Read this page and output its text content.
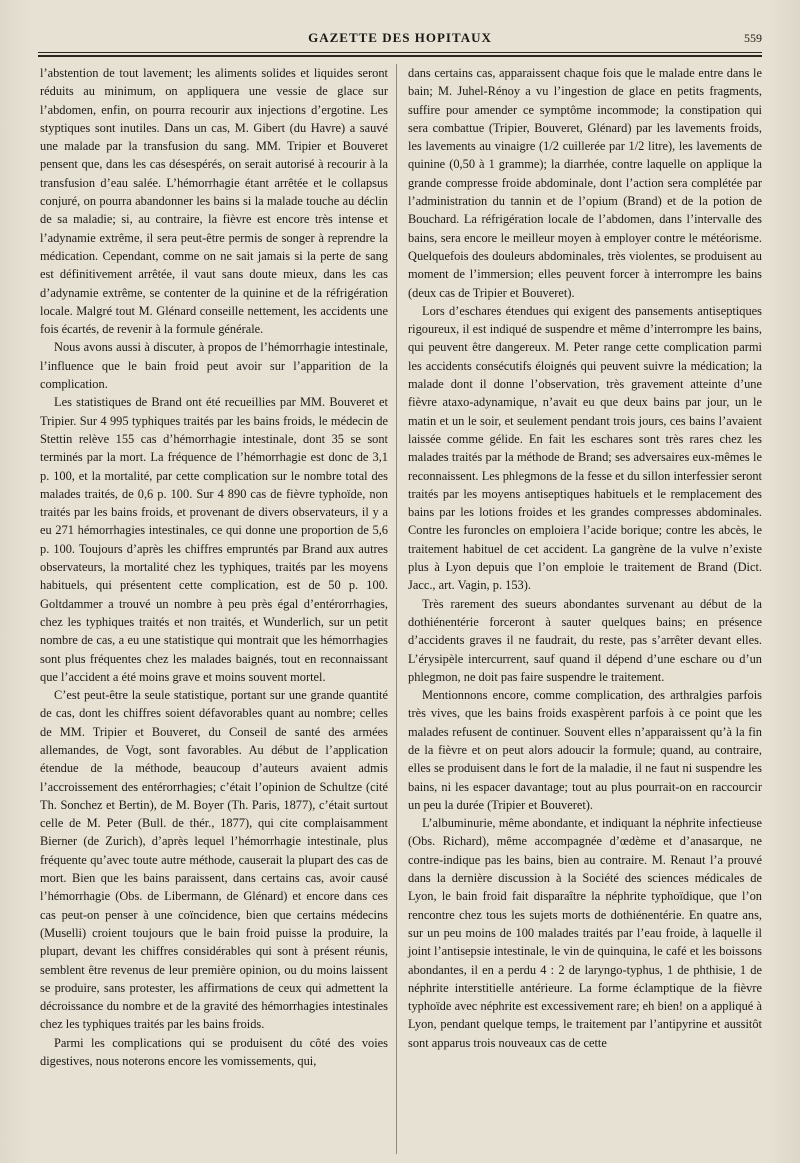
GAZETTE DES HOPITAUX	559

l’abstention de tout lavement; les aliments solides et liquides seront réduits au minimum, on appliquera une vessie de glace sur l’abdomen, enfin, on pourra recourir aux injections d’ergotine. Les styptiques sont inutiles. Dans un cas, M. Gibert (du Havre) a sauvé une malade par la transfusion du sang. MM. Tripier et Bouveret pensent que, dans les cas désespérés, on serait autorisé à recourir à la transfusion d’eau salée. L’hémorrhagie étant arrêtée et le collapsus conjuré, on pourra abandonner les bains si la malade touche au déclin de sa maladie; si, au contraire, la fièvre est encore très intense et l’adynamie extrême, il sera peut-être permis de songer à reprendre la médication. Cependant, comme on ne sait jamais si la perte de sang est définitivement arrêtée, il vaut sans doute mieux, dans les cas d’adynamie extrême, se contenter de la quinine et de la réfrigération locale. Malgré tout M. Glénard conseille nettement, les accidents une fois écartés, de revenir à la formule générale.

Nous avons aussi à discuter, à propos de l’hémorrhagie intestinale, l’influence que le bain froid peut avoir sur l’apparition de la complication.

Les statistiques de Brand ont été recueillies par MM. Bouveret et Tripier. Sur 4 995 typhiques traités par les bains froids, le médecin de Stettin relève 155 cas d’hémorrhagie intestinale, dont 35 se sont terminés par la mort. La fréquence de l’hémorrhagie est donc de 3,1 p. 100, et la mortalité, par cette complication sur le nombre total des malades traités, de 0,6 p. 100. Sur 4 890 cas de fièvre typhoïde, non traités par les bains froids, et provenant de divers observateurs, il y a eu 271 hémorrhagies intestinales, ce qui donne une proportion de 5,6 p. 100. Toujours d’après les chiffres empruntés par Brand aux autres observateurs, la mortalité chez les typhiques, traités par les moyens habituels, qui présentent cette complication, est de 50 p. 100. Goltdammer a trouvé un nombre à peu près égal d’entérorrhagies, chez les typhiques traités et non traités, et Wunderlich, sur un petit nombre de cas, a eu une statistique qui montrait que les hémorrhagies sont plus fréquentes chez les malades baignés, tout en reconnaissant que l’accident a été moins grave et moins souvent mortel.

C’est peut-être la seule statistique, portant sur une grande quantité de cas, dont les chiffres soient défavorables quant au nombre; celles de MM. Tripier et Bouveret, du Conseil de santé des armées allemandes, de Vogt, sont favorables. Au début de l’application étendue de la méthode, beaucoup d’auteurs avaient admis l’accroissement des entérorrhagies; c’était l’opinion de Schultze (cité Th. Sonchez et Bertin), de M. Boyer (Th. Paris, 1877), c’était surtout celle de M. Peter (Bull. de thér., 1877), qui cite complaisamment Bierner (de Zurich), d’après lequel l’hémorrhagie intestinale, plus fréquente qu’avec toute autre méthode, causerait la plupart des cas de mort. Bien que les bains paraissent, dans certains cas, avoir causé l’hémorrhagie (Obs. de Libermann, de Glénard) et encore dans ces cas peut-on penser à une coïncidence, bien que certains médecins (Muselli) croient toujours que le bain froid puisse la produire, la plupart, devant les chiffres considérables qui sont à présent réunis, semblent être revenus de leur première opinion, ou du moins laissent se produire, sans protester, les affirmations de ceux qui admettent la décroissance du nombre et de la gravité des hémorrhagies intestinales chez les typhiques traités par les bains froids.

Parmi les complications qui se produisent du côté des voies digestives, nous noterons encore les vomissements, qui,

dans certains cas, apparaissent chaque fois que le malade entre dans le bain; M. Juhel-Rénoy a vu l’ingestion de glace en petits fragments, suffire pour amender ce symptôme incommode; la constipation qui sera combattue (Tripier, Bouveret, Glénard) par les lavements froids, les lavements au vinaigre (1/2 cuillerée par 1/2 litre), les lavements de quinine (0,50 à 1 gramme); la diarrhée, contre laquelle on applique la grande compresse froide abdominale, dont l’action sera complétée par l’administration du tannin et de l’opium (Brand) et de la potion de Bouchard. La réfrigération locale de l’abdomen, dans l’intervalle des bains, sera encore le meilleur moyen à employer contre le météorisme. Quelquefois des douleurs abdominales, très violentes, se produisent au moment de l’immersion; elles peuvent forcer à interrompre les bains (deux cas de Tripier et Bouveret).

Lors d’eschares étendues qui exigent des pansements antiseptiques rigoureux, il est indiqué de suspendre et même d’interrompre les bains, qui peuvent être dangereux. M. Peter range cette complication parmi les accidents consécutifs éloignés qui peuvent suivre la médication; la malade dont il donne l’observation, très gravement atteinte d’une fièvre ataxo-adynamique, n’avait eu que deux bains par jour, un le matin et un le soir, et seulement pendant trois jours, ces bains l’avaient laissée comme gélide. En fait les eschares sont très rares chez les malades traités par la méthode de Brand; ses adversaires eux-mêmes le reconnaissent. Les phlegmons de la fesse et du sillon interfessier seront traités par les moyens antiseptiques habituels et le remplacement des bains par les lotions froides et les grandes compresses abdominales. Contre les furoncles on emploiera l’acide borique; contre les abcès, le traitement habituel de cet accident. La gangrène de la vulve n’existe plus à Lyon depuis que l’on emploie le traitement de Brand (Dict. Jacc., art. Vagin, p. 153).

Très rarement des sueurs abondantes survenant au début de la dothiénentérie forceront à sauter quelques bains; en présence d’accidents graves il ne faudrait, du reste, pas s’arrêter devant elles. L’érysipèle intercurrent, sauf quand il dépend d’une eschare ou d’un phlegmon, ne doit pas faire suspendre le traitement.

Mentionnons encore, comme complication, des arthralgies parfois très vives, que les bains froids exaspèrent parfois à ce point que les malades refusent de continuer. Souvent elles n’apparaissent qu’à la fin de la fièvre et on peut alors adoucir la formule; quand, au contraire, elles se produisent dans le fort de la maladie, il ne faut ni suspendre les bains, ni les espacer davantage; tout au plus pourrait-on en raccourcir un peu la durée (Tripier et Bouveret).

L’albuminurie, même abondante, et indiquant la néphrite infectieuse (Obs. Richard), même accompagnée d’œdème et d’anasarque, ne contre-indique pas les bains, bien au contraire. M. Renaut l’a prouvé dans la dernière discussion à la Société des sciences médicales de Lyon, le bain froid fait disparaître la néphrite typhoïdique, que l’on rencontre chez tous les sujets morts de dothiénentérie. En quatre ans, sur un peu moins de 100 malades traités par l’eau froide, à laquelle il joint l’antisepsie intestinale, le vin de quinquina, le café et les boissons abondantes, il en a perdu 4 : 2 de laryngo-typhus, 1 de phthisie, 1 de néphrite interstitielle antérieure. La forme éclamptique de la fièvre typhoïde avec néphrite est excessivement rare; eh bien! on a appliqué à Lyon, pendant quelque temps, le traitement par l’antipyrine et aussitôt sont apparus trois nouveaux cas de cette
